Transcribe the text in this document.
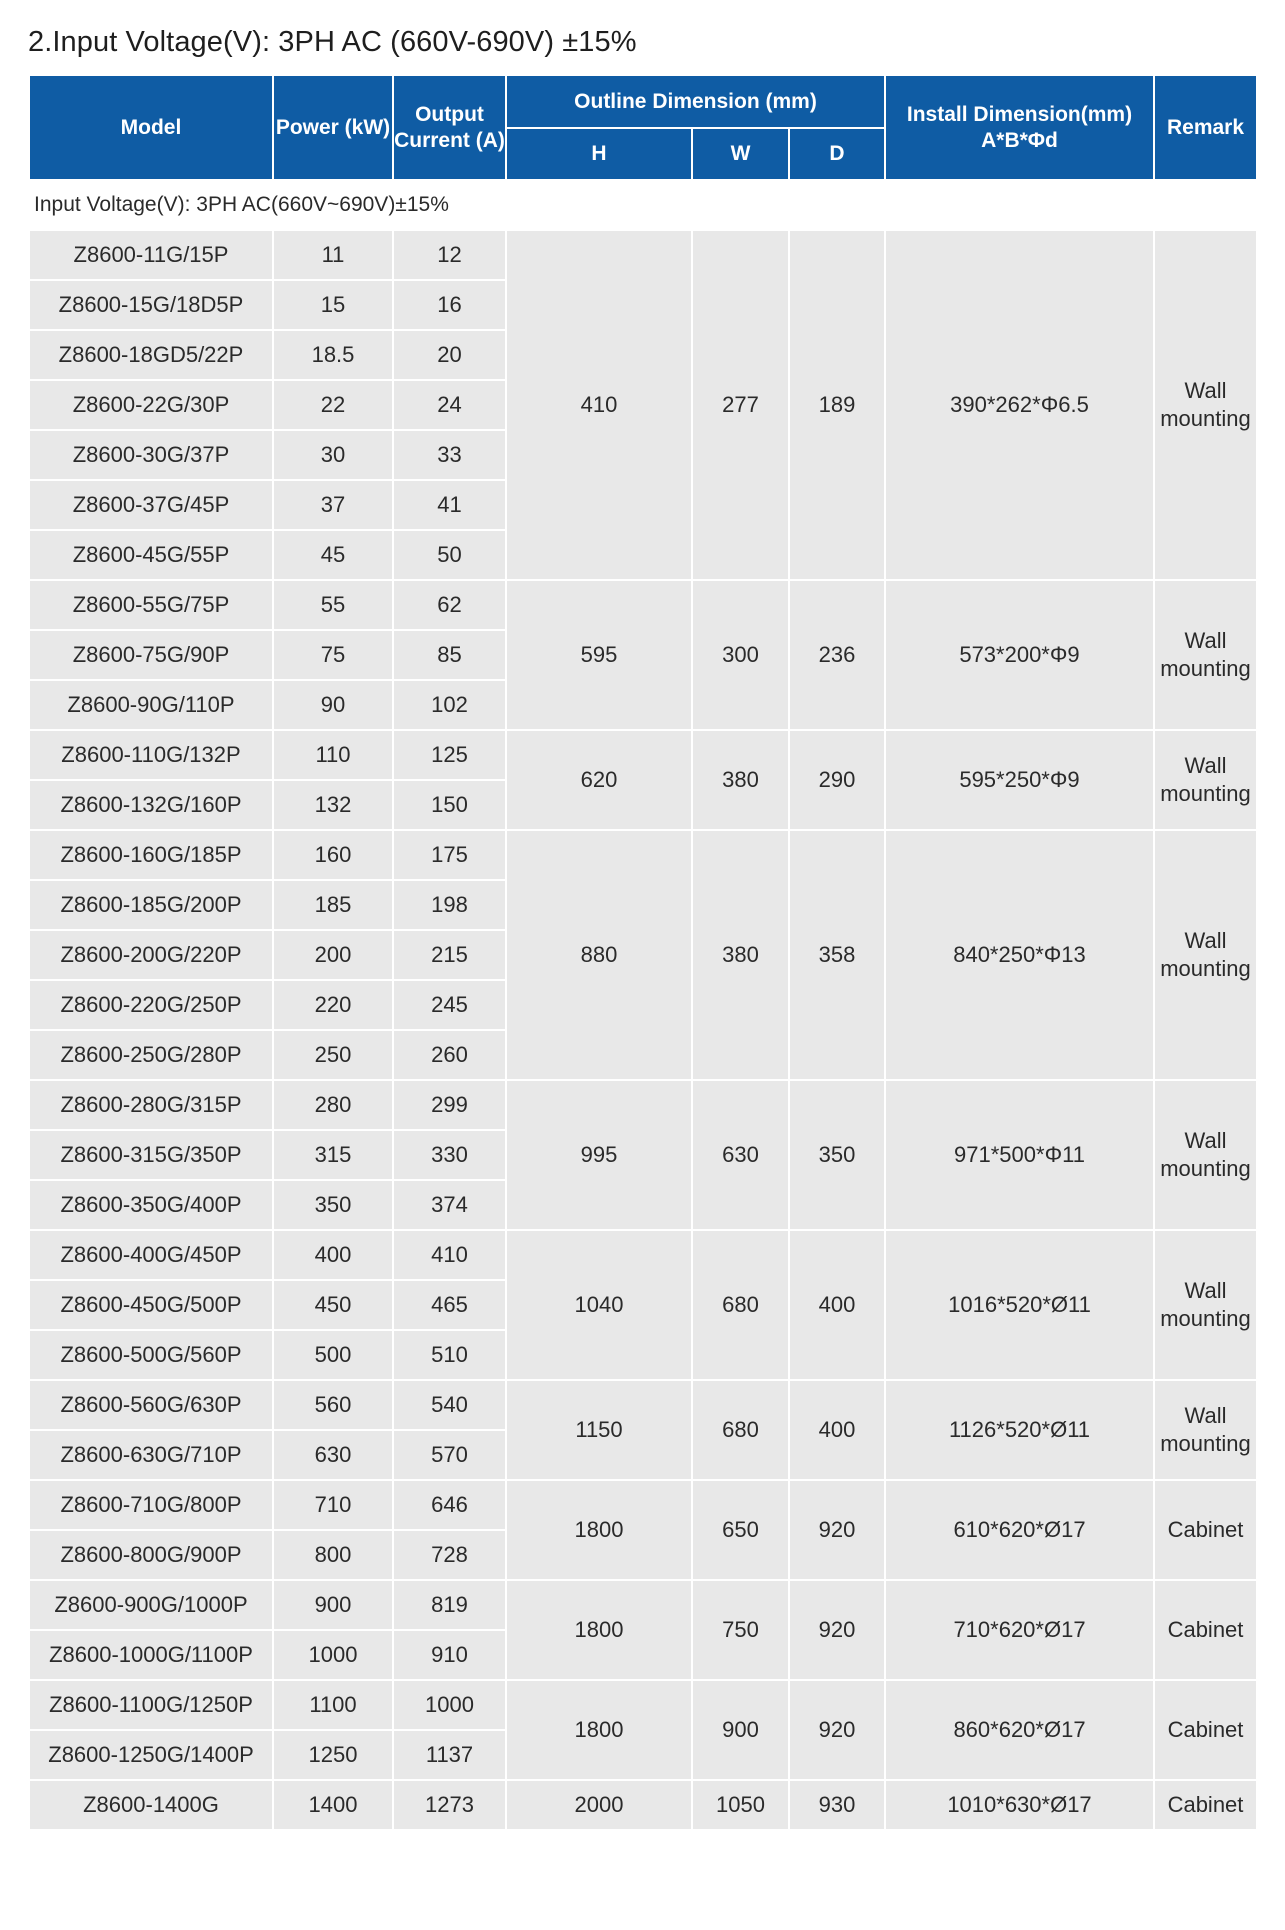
2.Input Voltage(V): 3PH AC (660V-690V) ±15%
Model	Power (kW)	Output Current (A)	Outline Dimension (mm)			Install Dimension(mm) A*B*Φd	Remark
			H	W	D		
Input Voltage(V): 3PH AC(660V~690V)±15%							
Z8600-11G/15P	11	12	410	277	189	390*262*Φ6.5	Wall mounting
Z8600-15G/18D5P	15	16					
Z8600-18GD5/22P	18.5	20					
Z8600-22G/30P	22	24					
Z8600-30G/37P	30	33					
Z8600-37G/45P	37	41					
Z8600-45G/55P	45	50					
Z8600-55G/75P	55	62	595	300	236	573*200*Φ9	Wall mounting
Z8600-75G/90P	75	85					
Z8600-90G/110P	90	102					
Z8600-110G/132P	110	125	620	380	290	595*250*Φ9	Wall mounting
Z8600-132G/160P	132	150					
Z8600-160G/185P	160	175	880	380	358	840*250*Φ13	Wall mounting
Z8600-185G/200P	185	198					
Z8600-200G/220P	200	215					
Z8600-220G/250P	220	245					
Z8600-250G/280P	250	260					
Z8600-280G/315P	280	299	995	630	350	971*500*Φ11	Wall mounting
Z8600-315G/350P	315	330					
Z8600-350G/400P	350	374					
Z8600-400G/450P	400	410	1040	680	400	1016*520*Ø11	Wall mounting
Z8600-450G/500P	450	465					
Z8600-500G/560P	500	510					
Z8600-560G/630P	560	540	1150	680	400	1126*520*Ø11	Wall mounting
Z8600-630G/710P	630	570					
Z8600-710G/800P	710	646	1800	650	920	610*620*Ø17	Cabinet
Z8600-800G/900P	800	728					
Z8600-900G/1000P	900	819	1800	750	920	710*620*Ø17	Cabinet
Z8600-1000G/1100P	1000	910					
Z8600-1100G/1250P	1100	1000	1800	900	920	860*620*Ø17	Cabinet
Z8600-1250G/1400P	1250	1137					
Z8600-1400G	1400	1273	2000	1050	930	1010*630*Ø17	Cabinet
